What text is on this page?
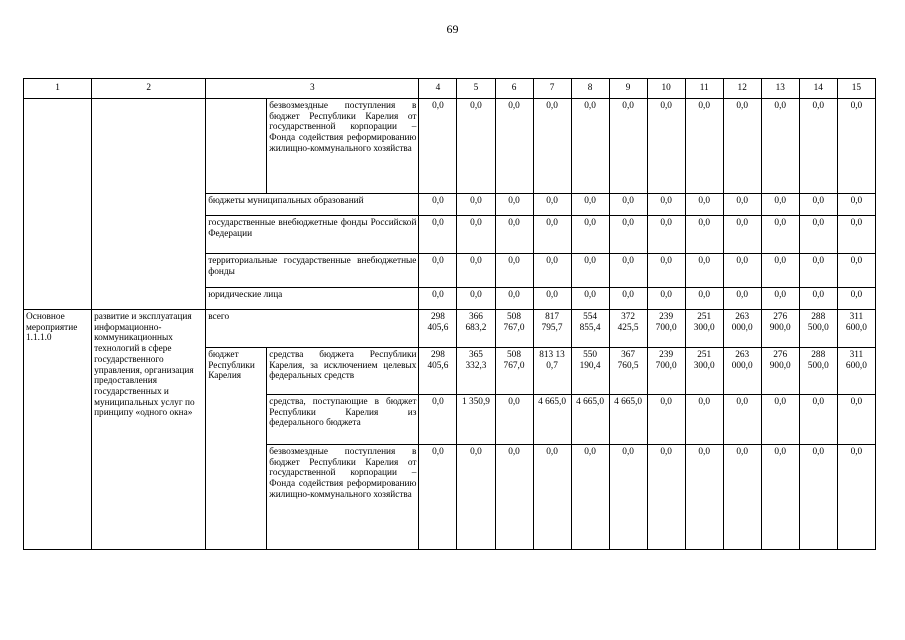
69
1	2	3		4	5	6	7	8	9	10	11	12	13	14	15
			безвозмездные поступления в бюджет Республики Карелия от государственной корпорации – Фонда содействия реформированию жилищно-коммунального хозяйства	0,0	0,0	0,0	0,0	0,0	0,0	0,0	0,0	0,0	0,0	0,0	0,0
		бюджеты муниципальных образований		0,0	0,0	0,0	0,0	0,0	0,0	0,0	0,0	0,0	0,0	0,0	0,0
		государственные внебюджетные фонды Российской Федерации		0,0	0,0	0,0	0,0	0,0	0,0	0,0	0,0	0,0	0,0	0,0	0,0
		территориальные государственные внебюджетные фонды		0,0	0,0	0,0	0,0	0,0	0,0	0,0	0,0	0,0	0,0	0,0	0,0
		юридические лица		0,0	0,0	0,0	0,0	0,0	0,0	0,0	0,0	0,0	0,0	0,0	0,0
Основное мероприятие 1.1.1.0	развитие и эксплуатация информационно-коммуникационных технологий в сфере государственного управления, организация предоставления государственных и муниципальных услуг по принципу «одного окна»	всего		298 405,6	366 683,2	508 767,0	817 795,7	554 855,4	372 425,5	239 700,0	251 300,0	263 000,0	276 900,0	288 500,0	311 600,0
		бюджет Республики Карелия	средства бюджета Республики Карелия, за исключением целевых федеральных средств	298 405,6	365 332,3	508 767,0	813 13 0,7	550 190,4	367 760,5	239 700,0	251 300,0	263 000,0	276 900,0	288 500,0	311 600,0
			средства, поступающие в бюджет Республики Карелия из федерального бюджета	0,0	1 350,9	0,0	4 665,0	4 665,0	4 665,0	0,0	0,0	0,0	0,0	0,0	0,0
			безвозмездные поступления в бюджет Республики Карелия от государственной корпорации – Фонда содействия реформированию жилищно-коммунального хозяйства	0,0	0,0	0,0	0,0	0,0	0,0	0,0	0,0	0,0	0,0	0,0	0,0
